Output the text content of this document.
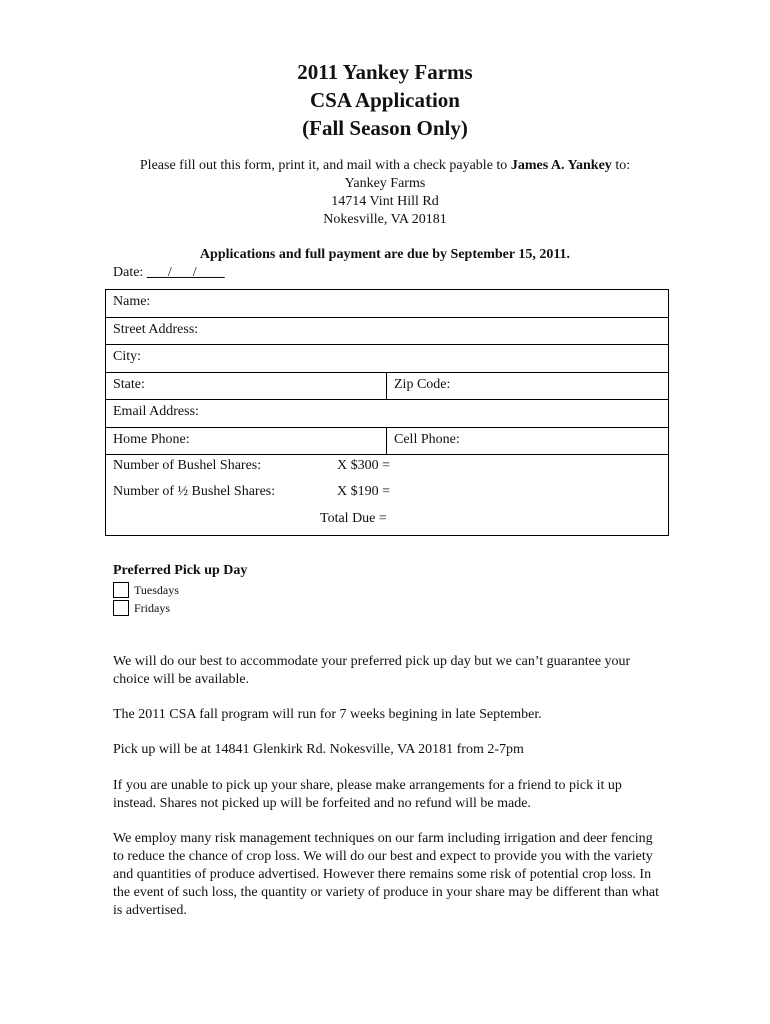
2011 Yankey Farms
CSA Application
(Fall Season Only)
Please fill out this form, print it, and mail with a check payable to James A. Yankey to:
Yankey Farms
14714 Vint Hill Rd
Nokesville, VA 20181
Applications and full payment are due by September 15, 2011.
Date: ___/___/____
Name:
Street Address:
City:
State:	Zip Code:
Email Address:
Home Phone:	Cell Phone:
Number of Bushel Shares:	X $300 =
Number of ½ Bushel Shares:	X $190 =
Total Due =
Preferred Pick up Day
Tuesdays
Fridays
We will do our best to accommodate your preferred pick up day but we can’t guarantee your choice will be available.
The 2011 CSA fall program will run for 7 weeks begining in late September.
Pick up will be at 14841 Glenkirk Rd. Nokesville, VA 20181 from 2-7pm
If you are unable to pick up your share, please make arrangements for a friend to pick it up instead. Shares not picked up will be forfeited and no refund will be made.
We employ many risk management techniques on our farm including irrigation and deer fencing to reduce the chance of crop loss. We will do our best and expect to provide you with the variety and quantities of produce advertised. However there remains some risk of potential crop loss. In the event of such loss, the quantity or variety of produce in your share may be different than what is advertised.
